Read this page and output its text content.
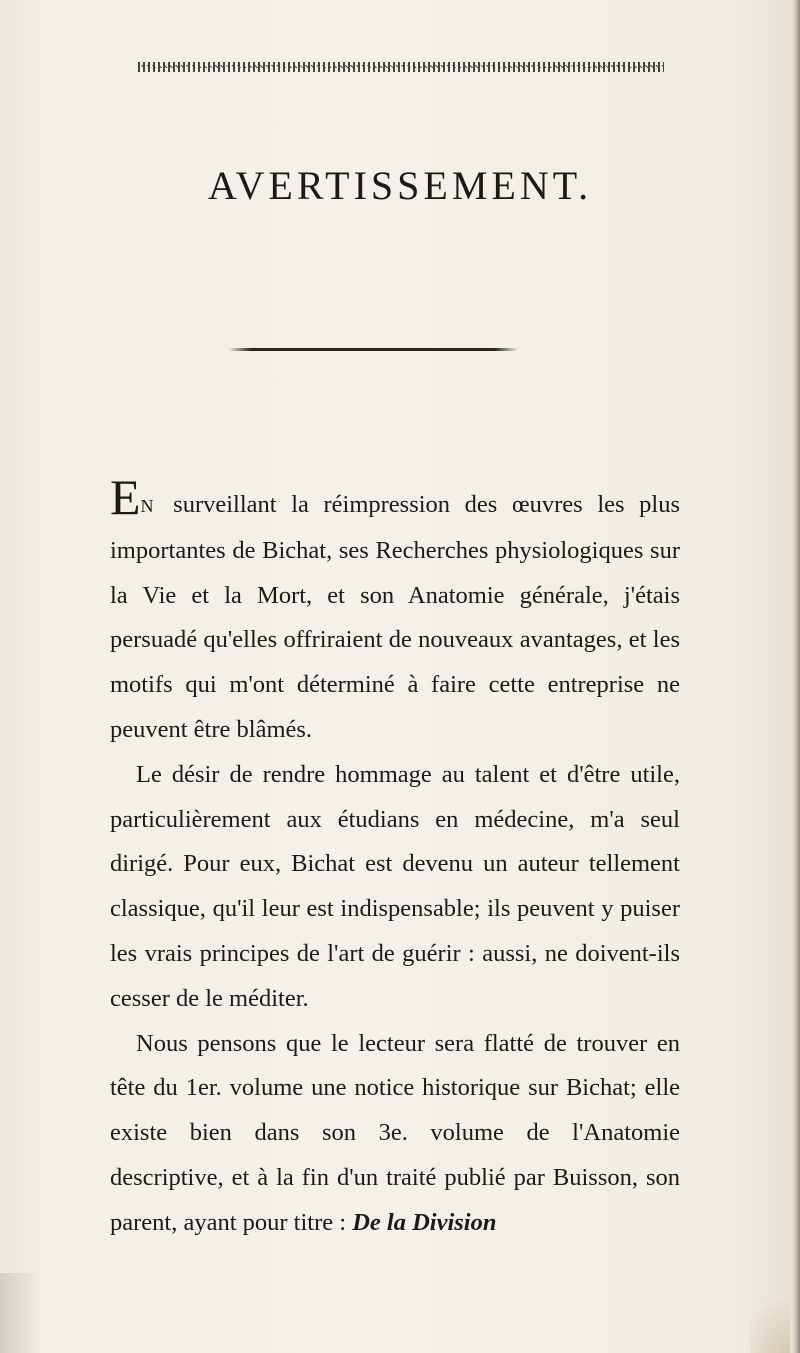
AVERTISSEMENT.

EN surveillant la réimpression des œuvres les plus importantes de Bichat, ses Recherches physiologiques sur la Vie et la Mort, et son Anatomie générale, j'étais persuadé qu'elles offriraient de nouveaux avantages, et les motifs qui m'ont déterminé à faire cette entreprise ne peuvent être blâmés.

Le désir de rendre hommage au talent et d'être utile, particulièrement aux étudians en médecine, m'a seul dirigé. Pour eux, Bichat est devenu un auteur tellement classique, qu'il leur est indispensable; ils peuvent y puiser les vrais principes de l'art de guérir : aussi, ne doivent-ils cesser de le méditer.

Nous pensons que le lecteur sera flatté de trouver en tête du 1er. volume une notice historique sur Bichat; elle existe bien dans son 3e. volume de l'Anatomie descriptive, et à la fin d'un traité publié par Buisson, son parent, ayant pour titre : De la Division
